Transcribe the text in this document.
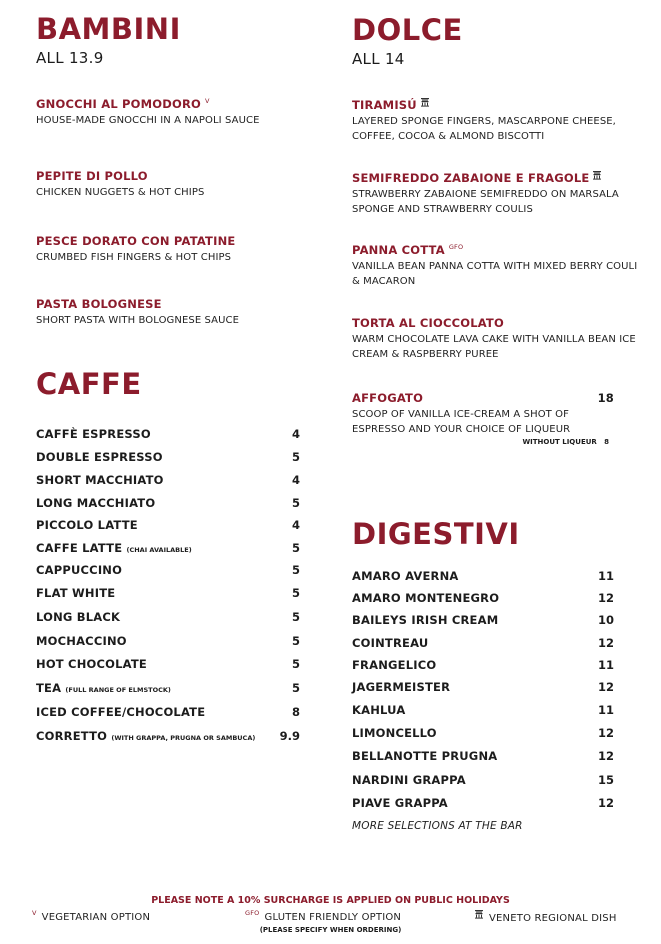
BAMBINI
ALL 13.9
GNOCCHI AL POMODORO $^V$
HOUSE-MADE GNOCCHI IN A NAPOLI SAUCE
PEPITE DI POLLO
CHICKEN NUGGETS & HOT CHIPS
PESCE DORATO CON PATATINE
CRUMBED FISH FINGERS & HOT CHIPS
PASTA BOLOGNESE
SHORT PASTA WITH BOLOGNESE SAUCE
CAFFE
CAFFÈ ESPRESSO	4
DOUBLE ESPRESSO	5
SHORT MACCHIATO	4
LONG MACCHIATO	5
PICCOLO LATTE	4
CAFFE LATTE (CHAI AVAILABLE)	5
CAPPUCCINO	5
FLAT WHITE	5
LONG BLACK	5
MOCHACCINO	5
HOT CHOCOLATE	5
TEA (FULL RANGE OF ELMSTOCK)	5
ICED COFFEE/CHOCOLATE	8
CORRETTO (WITH GRAPPA, PRUGNA OR SAMBUCA) 9.9
DOLCE
ALL 14
TIRAMISÚ
LAYERED SPONGE FINGERS, MASCARPONE CHEESE, COFFEE, COCOA & ALMOND BISCOTTI
SEMIFREDDO ZABAIONE E FRAGOLE
STRAWBERRY ZABAIONE SEMIFREDDO ON MARSALA SPONGE AND STRAWBERRY COULIS
PANNA COTTA $^{GFO}$
VANILLA BEAN PANNA COTTA WITH MIXED BERRY COULI & MACARON
TORTA AL CIOCCOLATO
WARM CHOCOLATE LAVA CAKE WITH VANILLA BEAN ICE CREAM & RASPBERRY PUREE
AFFOGATO	18
SCOOP OF VANILLA ICE-CREAM A SHOT OF ESPRESSO AND YOUR CHOICE OF LIQUEUR
WITHOUT LIQUEUR 8
DIGESTIVI
AMARO AVERNA	11
AMARO MONTENEGRO	12
BAILEYS IRISH CREAM	10
COINTREAU	12
FRANGELICO	11
JAGERMEISTER	12
KAHLUA	11
LIMONCELLO	12
BELLANOTTE PRUGNA	12
NARDINI GRAPPA	15
PIAVE GRAPPA	12
MORE SELECTIONS AT THE BAR
PLEASE NOTE A 10% SURCHARGE IS APPLIED ON PUBLIC HOLIDAYS
$^V$ VEGETARIAN OPTION	$^{GFO}$ GLUTEN FRIENDLY OPTION	VENETO REGIONAL DISH
(PLEASE SPECIFY WHEN ORDERING)
